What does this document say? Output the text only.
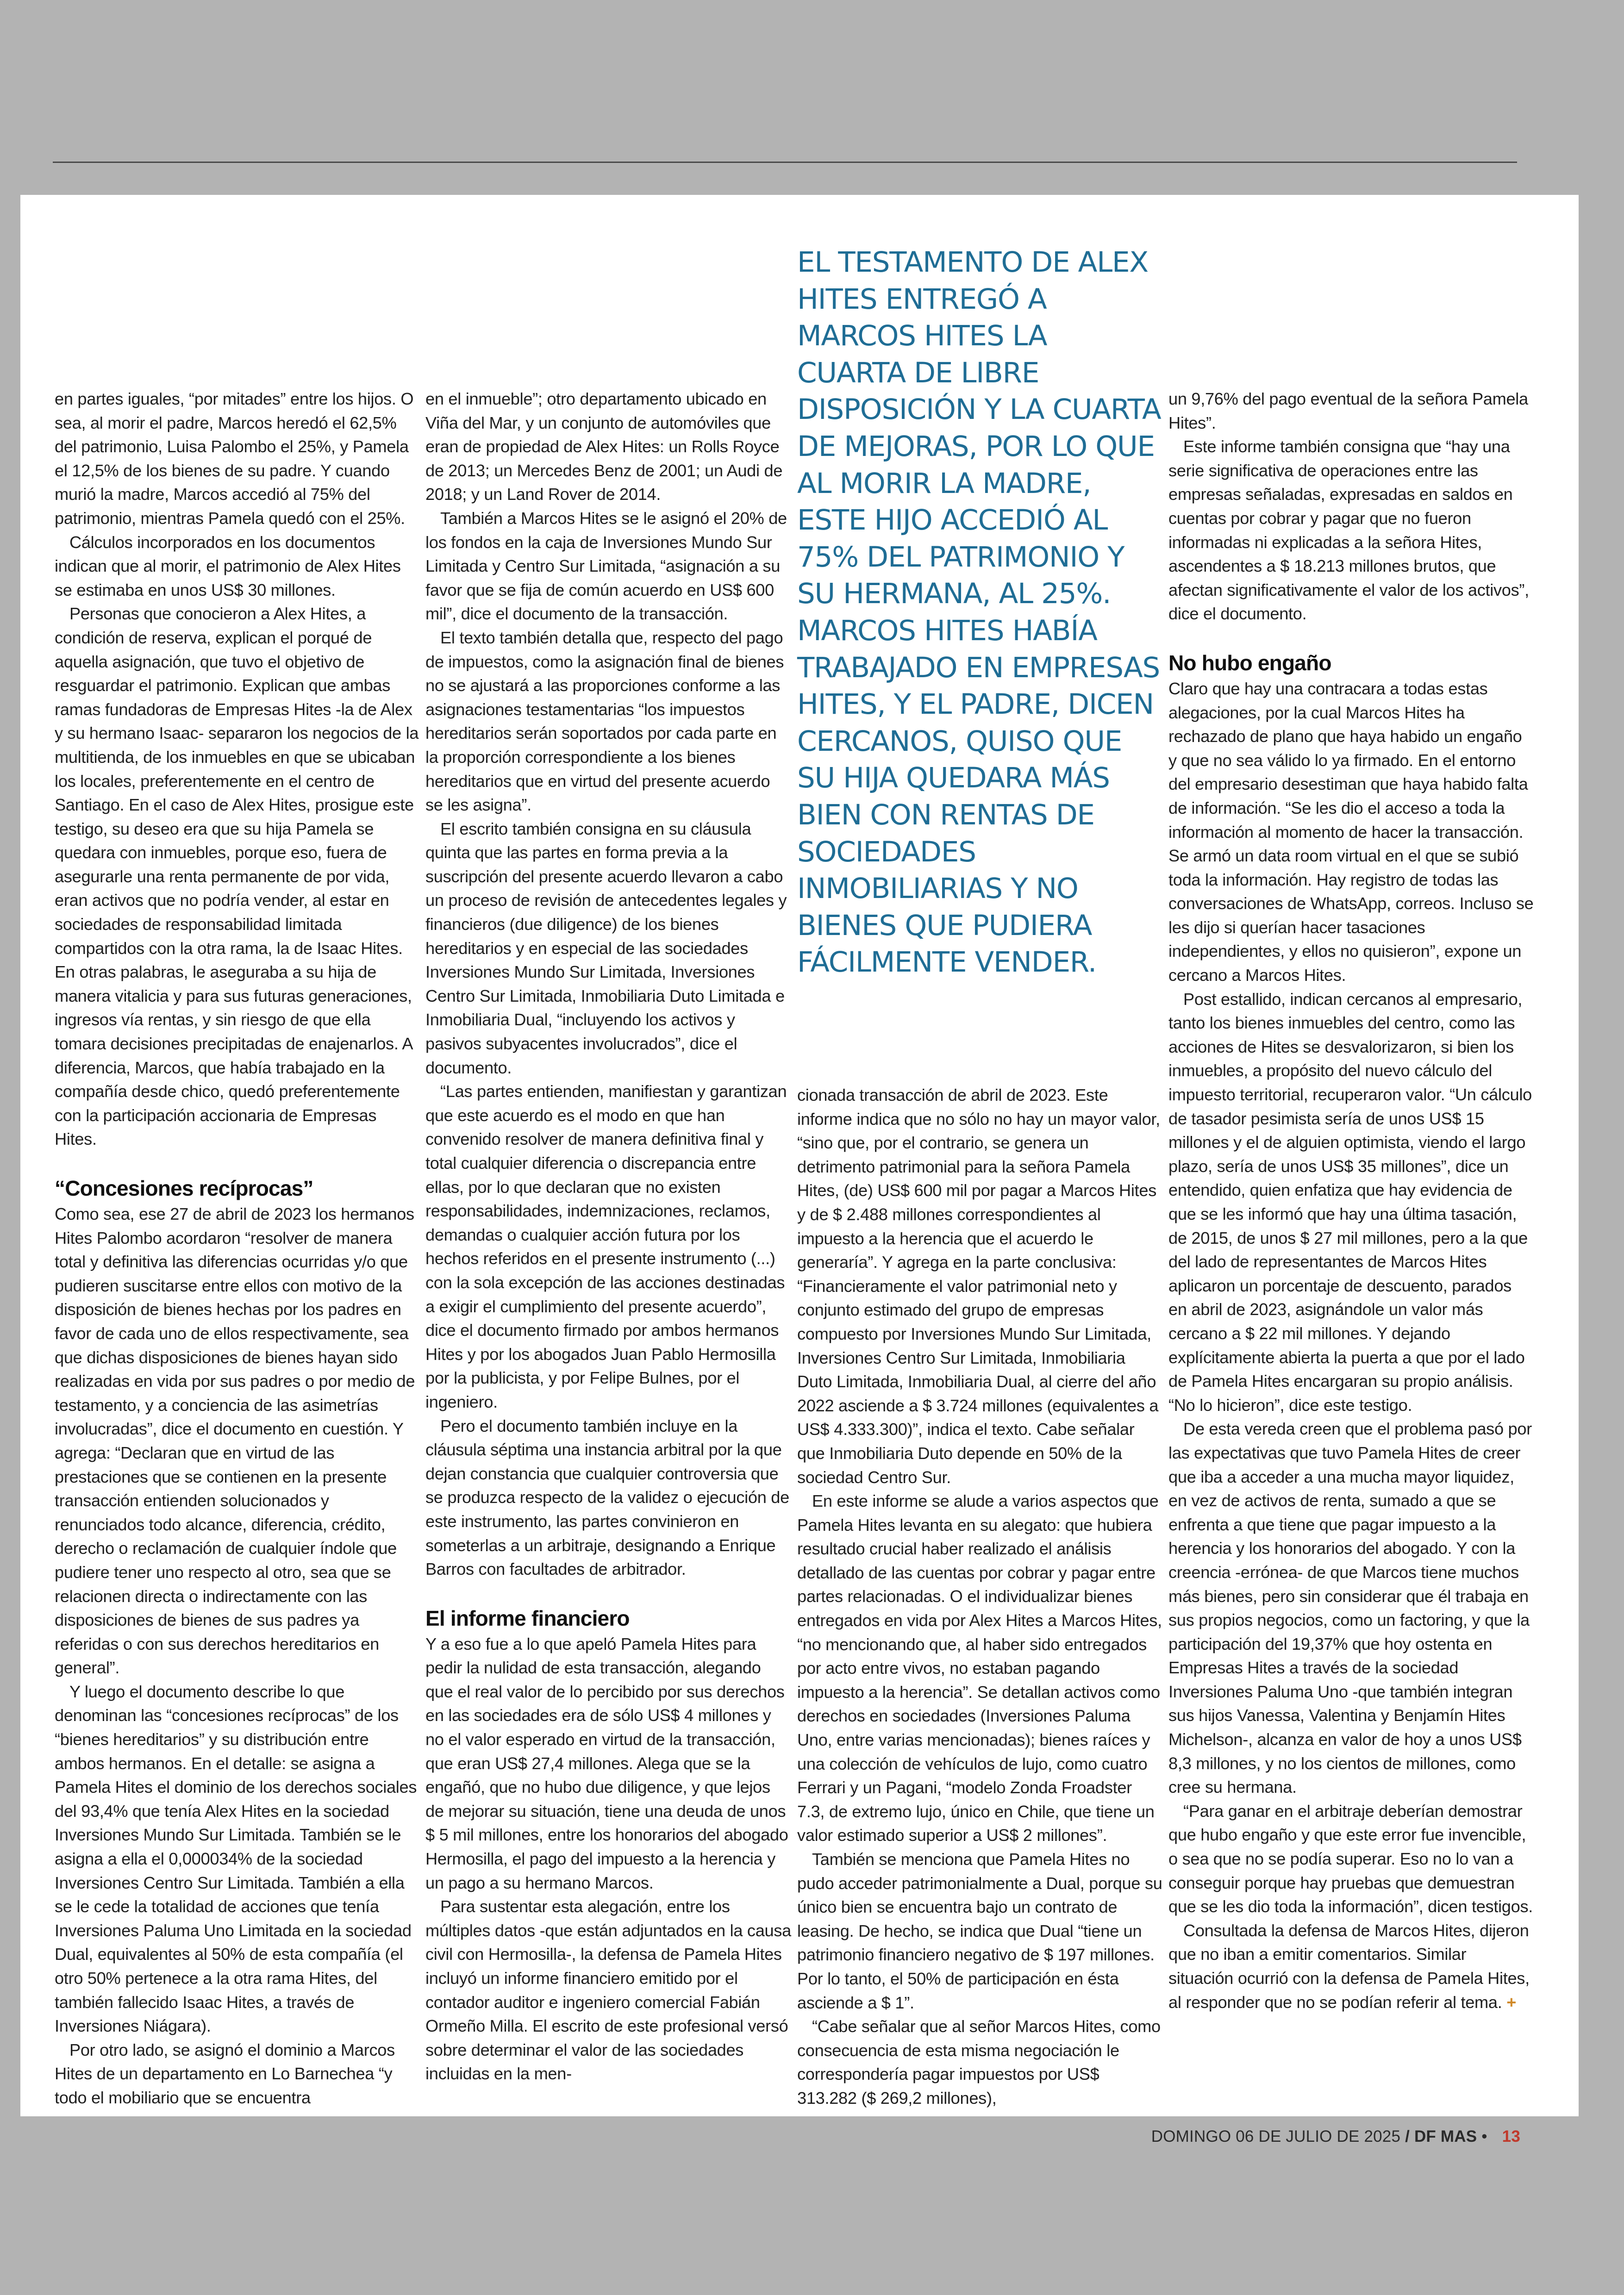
en partes iguales, “por mitades” entre los hijos. O sea, al morir el padre, Marcos heredó el 62,5% del patrimonio, Luisa Palombo el 25%, y Pamela el 12,5% de los bienes de su padre. Y cuando murió la madre, Marcos accedió al 75% del patrimonio, mientras Pamela quedó con el 25%.

Cálculos incorporados en los documentos indican que al morir, el patrimonio de Alex Hites se estimaba en unos US$ 30 millones.

Personas que conocieron a Alex Hites, a condición de reserva, explican el porqué de aquella asignación, que tuvo el objetivo de resguardar el patrimonio. Explican que ambas ramas fundadoras de Empresas Hites -la de Alex y su hermano Isaac- separaron los negocios de la multitienda, de los inmuebles en que se ubicaban los locales, preferentemente en el centro de Santiago. En el caso de Alex Hites, prosigue este testigo, su deseo era que su hija Pamela se quedara con inmuebles, porque eso, fuera de asegurarle una renta permanente de por vida, eran activos que no podría vender, al estar en sociedades de responsabilidad limitada compartidos con la otra rama, la de Isaac Hites. En otras palabras, le aseguraba a su hija de manera vitalicia y para sus futuras generaciones, ingresos vía rentas, y sin riesgo de que ella tomara decisiones precipitadas de enajenarlos. A diferencia, Marcos, que había trabajado en la compañía desde chico, quedó preferentemente con la participación accionaria de Empresas Hites.

“Concesiones recíprocas”

Como sea, ese 27 de abril de 2023 los hermanos Hites Palombo acordaron “resolver de manera total y definitiva las diferencias ocurridas y/o que pudieren suscitarse entre ellos con motivo de la disposición de bienes hechas por los padres en favor de cada uno de ellos respectivamente, sea que dichas disposiciones de bienes hayan sido realizadas en vida por sus padres o por medio de testamento, y a conciencia de las asimetrías involucradas”, dice el documento en cuestión. Y agrega: “Declaran que en virtud de las prestaciones que se contienen en la presente transacción entienden solucionados y renunciados todo alcance, diferencia, crédito, derecho o reclamación de cualquier índole que pudiere tener uno respecto al otro, sea que se relacionen directa o indirectamente con las disposiciones de bienes de sus padres ya referidas o con sus derechos hereditarios en general”.

Y luego el documento describe lo que denominan las “concesiones recíprocas” de los “bienes hereditarios” y su distribución entre ambos hermanos. En el detalle: se asigna a Pamela Hites el dominio de los derechos sociales del 93,4% que tenía Alex Hites en la sociedad Inversiones Mundo Sur Limitada. También se le asigna a ella el 0,000034% de la sociedad Inversiones Centro Sur Limitada. También a ella se le cede la totalidad de acciones que tenía Inversiones Paluma Uno Limitada en la sociedad Dual, equivalentes al 50% de esta compañía (el otro 50% pertenece a la otra rama Hites, del también fallecido Isaac Hites, a través de Inversiones Niágara).

Por otro lado, se asignó el dominio a Marcos Hites de un departamento en Lo Barnechea “y todo el mobiliario que se encuentra

en el inmueble”; otro departamento ubicado en Viña del Mar, y un conjunto de automóviles que eran de propiedad de Alex Hites: un Rolls Royce de 2013; un Mercedes Benz de 2001; un Audi de 2018; y un Land Rover de 2014.

También a Marcos Hites se le asignó el 20% de los fondos en la caja de Inversiones Mundo Sur Limitada y Centro Sur Limitada, “asignación a su favor que se fija de común acuerdo en US$ 600 mil”, dice el documento de la transacción.

El texto también detalla que, respecto del pago de impuestos, como la asignación final de bienes no se ajustará a las proporciones conforme a las asignaciones testamentarias “los impuestos hereditarios serán soportados por cada parte en la proporción correspondiente a los bienes hereditarios que en virtud del presente acuerdo se les asigna”.

El escrito también consigna en su cláusula quinta que las partes en forma previa a la suscripción del presente acuerdo llevaron a cabo un proceso de revisión de antecedentes legales y financieros (due diligence) de los bienes hereditarios y en especial de las sociedades Inversiones Mundo Sur Limitada, Inversiones Centro Sur Limitada, Inmobiliaria Duto Limitada e Inmobiliaria Dual, “incluyendo los activos y pasivos subyacentes involucrados”, dice el documento.

“Las partes entienden, manifiestan y garantizan que este acuerdo es el modo en que han convenido resolver de manera definitiva final y total cualquier diferencia o discrepancia entre ellas, por lo que declaran que no existen responsabilidades, indemnizaciones, reclamos, demandas o cualquier acción futura por los hechos referidos en el presente instrumento (...) con la sola excepción de las acciones destinadas a exigir el cumplimiento del presente acuerdo”, dice el documento firmado por ambos hermanos Hites y por los abogados Juan Pablo Hermosilla por la publicista, y por Felipe Bulnes, por el ingeniero.

Pero el documento también incluye en la cláusula séptima una instancia arbitral por la que dejan constancia que cualquier controversia que se produzca respecto de la validez o ejecución de este instrumento, las partes convinieron en someterlas a un arbitraje, designando a Enrique Barros con facultades de arbitrador.

El informe financiero

Y a eso fue a lo que apeló Pamela Hites para pedir la nulidad de esta transacción, alegando que el real valor de lo percibido por sus derechos en las sociedades era de sólo US$ 4 millones y no el valor esperado en virtud de la transacción, que eran US$ 27,4 millones. Alega que se la engañó, que no hubo due diligence, y que lejos de mejorar su situación, tiene una deuda de unos $ 5 mil millones, entre los honorarios del abogado Hermosilla, el pago del impuesto a la herencia y un pago a su hermano Marcos.

Para sustentar esta alegación, entre los múltiples datos -que están adjuntados en la causa civil con Hermosilla-, la defensa de Pamela Hites incluyó un informe financiero emitido por el contador auditor e ingeniero comercial Fabián Ormeño Milla. El escrito de este profesional versó sobre determinar el valor de las sociedades incluidas en la men-

EL TESTAMENTO DE ALEX HITES ENTREGÓ A MARCOS HITES LA CUARTA DE LIBRE DISPOSICIÓN Y LA CUARTA DE MEJORAS, POR LO QUE AL MORIR LA MADRE, ESTE HIJO ACCEDIÓ AL 75% DEL PATRIMONIO Y SU HERMANA, AL 25%. MARCOS HITES HABÍA TRABAJADO EN EMPRESAS HITES, Y EL PADRE, DICEN CERCANOS, QUISO QUE SU HIJA QUEDARA MÁS BIEN CON RENTAS DE SOCIEDADES INMOBILIARIAS Y NO BIENES QUE PUDIERA FÁCILMENTE VENDER.

cionada transacción de abril de 2023. Este informe indica que no sólo no hay un mayor valor, “sino que, por el contrario, se genera un detrimento patrimonial para la señora Pamela Hites, (de) US$ 600 mil por pagar a Marcos Hites y de $ 2.488 millones correspondientes al impuesto a la herencia que el acuerdo le generaría”. Y agrega en la parte conclusiva: “Financieramente el valor patrimonial neto y conjunto estimado del grupo de empresas compuesto por Inversiones Mundo Sur Limitada, Inversiones Centro Sur Limitada, Inmobiliaria Duto Limitada, Inmobiliaria Dual, al cierre del año 2022 asciende a $ 3.724 millones (equivalentes a US$ 4.333.300)”, indica el texto. Cabe señalar que Inmobiliaria Duto depende en 50% de la sociedad Centro Sur.

En este informe se alude a varios aspectos que Pamela Hites levanta en su alegato: que hubiera resultado crucial haber realizado el análisis detallado de las cuentas por cobrar y pagar entre partes relacionadas. O el individualizar bienes entregados en vida por Alex Hites a Marcos Hites, “no mencionando que, al haber sido entregados por acto entre vivos, no estaban pagando impuesto a la herencia”. Se detallan activos como derechos en sociedades (Inversiones Paluma Uno, entre varias mencionadas); bienes raíces y una colección de vehículos de lujo, como cuatro Ferrari y un Pagani, “modelo Zonda Froadster 7.3, de extremo lujo, único en Chile, que tiene un valor estimado superior a US$ 2 millones”.

También se menciona que Pamela Hites no pudo acceder patrimonialmente a Dual, porque su único bien se encuentra bajo un contrato de leasing. De hecho, se indica que Dual “tiene un patrimonio financiero negativo de $ 197 millones. Por lo tanto, el 50% de participación en ésta asciende a $ 1”.

“Cabe señalar que al señor Marcos Hites, como consecuencia de esta misma negociación le correspondería pagar impuestos por US$ 313.282 ($ 269,2 millones),

un 9,76% del pago eventual de la señora Pamela Hites”.

Este informe también consigna que “hay una serie significativa de operaciones entre las empresas señaladas, expresadas en saldos en cuentas por cobrar y pagar que no fueron informadas ni explicadas a la señora Hites, ascendentes a $ 18.213 millones brutos, que afectan significativamente el valor de los activos”, dice el documento.

No hubo engaño

Claro que hay una contracara a todas estas alegaciones, por la cual Marcos Hites ha rechazado de plano que haya habido un engaño y que no sea válido lo ya firmado. En el entorno del empresario desestiman que haya habido falta de información. “Se les dio el acceso a toda la información al momento de hacer la transacción. Se armó un data room virtual en el que se subió toda la información. Hay registro de todas las conversaciones de WhatsApp, correos. Incluso se les dijo si querían hacer tasaciones independientes, y ellos no quisieron”, expone un cercano a Marcos Hites.

Post estallido, indican cercanos al empresario, tanto los bienes inmuebles del centro, como las acciones de Hites se desvalorizaron, si bien los inmuebles, a propósito del nuevo cálculo del impuesto territorial, recuperaron valor. “Un cálculo de tasador pesimista sería de unos US$ 15 millones y el de alguien optimista, viendo el largo plazo, sería de unos US$ 35 millones”, dice un entendido, quien enfatiza que hay evidencia de que se les informó que hay una última tasación, de 2015, de unos $ 27 mil millones, pero a la que del lado de representantes de Marcos Hites aplicaron un porcentaje de descuento, parados en abril de 2023, asignándole un valor más cercano a $ 22 mil millones. Y dejando explícitamente abierta la puerta a que por el lado de Pamela Hites encargaran su propio análisis. “No lo hicieron”, dice este testigo.

De esta vereda creen que el problema pasó por las expectativas que tuvo Pamela Hites de creer que iba a acceder a una mucha mayor liquidez, en vez de activos de renta, sumado a que se enfrenta a que tiene que pagar impuesto a la herencia y los honorarios del abogado. Y con la creencia -errónea- de que Marcos tiene muchos más bienes, pero sin considerar que él trabaja en sus propios negocios, como un factoring, y que la participación del 19,37% que hoy ostenta en Empresas Hites a través de la sociedad Inversiones Paluma Uno -que también integran sus hijos Vanessa, Valentina y Benjamín Hites Michelson-, alcanza en valor de hoy a unos US$ 8,3 millones, y no los cientos de millones, como cree su hermana.

“Para ganar en el arbitraje deberían demostrar que hubo engaño y que este error fue invencible, o sea que no se podía superar. Eso no lo van a conseguir porque hay pruebas que demuestran que se les dio toda la información”, dicen testigos.

Consultada la defensa de Marcos Hites, dijeron que no iban a emitir comentarios. Similar situación ocurrió con la defensa de Pamela Hites, al responder que no se podían referir al tema. +

DOMINGO 06 DE JULIO DE 2025 / DF MAS • 13
